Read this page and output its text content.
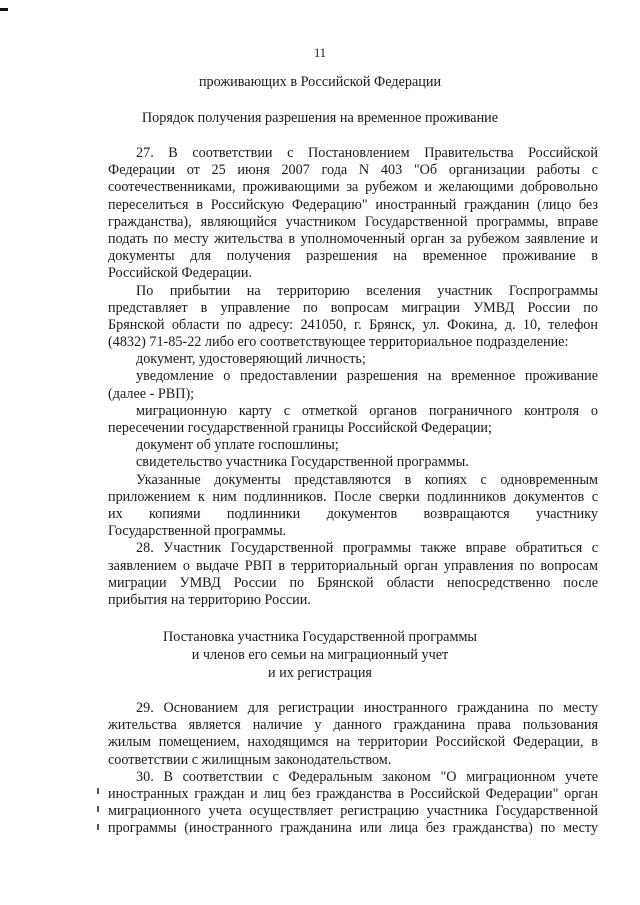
11
проживающих в Российской Федерации
Порядок получения разрешения на временное проживание
27. В соответствии с Постановлением Правительства Российской
Федерации от 25 июня 2007 года N 403 "Об организации работы с
соотечественниками, проживающими за рубежом и желающими добровольно
переселиться в Российскую Федерацию" иностранный гражданин (лицо без
гражданства), являющийся участником Государственной программы, вправе
подать по месту жительства в уполномоченный орган за рубежом заявление и
документы для получения разрешения на временное проживание в
Российской Федерации.
По прибытии на территорию вселения участник Госпрограммы
представляет в управление по вопросам миграции УМВД России по
Брянской области по адресу: 241050, г. Брянск, ул. Фокина, д. 10, телефон
(4832) 71-85-22 либо его соответствующее территориальное подразделение:
документ, удостоверяющий личность;
уведомление о предоставлении разрешения на временное проживание
(далее - РВП);
миграционную карту с отметкой органов пограничного контроля о
пересечении государственной границы Российской Федерации;
документ об уплате госпошлины;
свидетельство участника Государственной программы.
Указанные документы представляются в копиях с одновременным
приложением к ним подлинников. После сверки подлинников документов с
их копиями подлинники документов возвращаются участнику
Государственной программы.
28. Участник Государственной программы также вправе обратиться с
заявлением о выдаче РВП в территориальный орган управления по вопросам
миграции УМВД России по Брянской области непосредственно после
прибытия на территорию России.
Постановка участника Государственной программы
и членов его семьи на миграционный учет
и их регистрация
29. Основанием для регистрации иностранного гражданина по месту
жительства является наличие у данного гражданина права пользования
жилым помещением, находящимся на территории Российской Федерации, в
соответствии с жилищным законодательством.
30. В соответствии с Федеральным законом "О миграционном учете
иностранных граждан и лиц без гражданства в Российской Федерации" орган
миграционного учета осуществляет регистрацию участника Государственной
программы (иностранного гражданина или лица без гражданства) по месту
